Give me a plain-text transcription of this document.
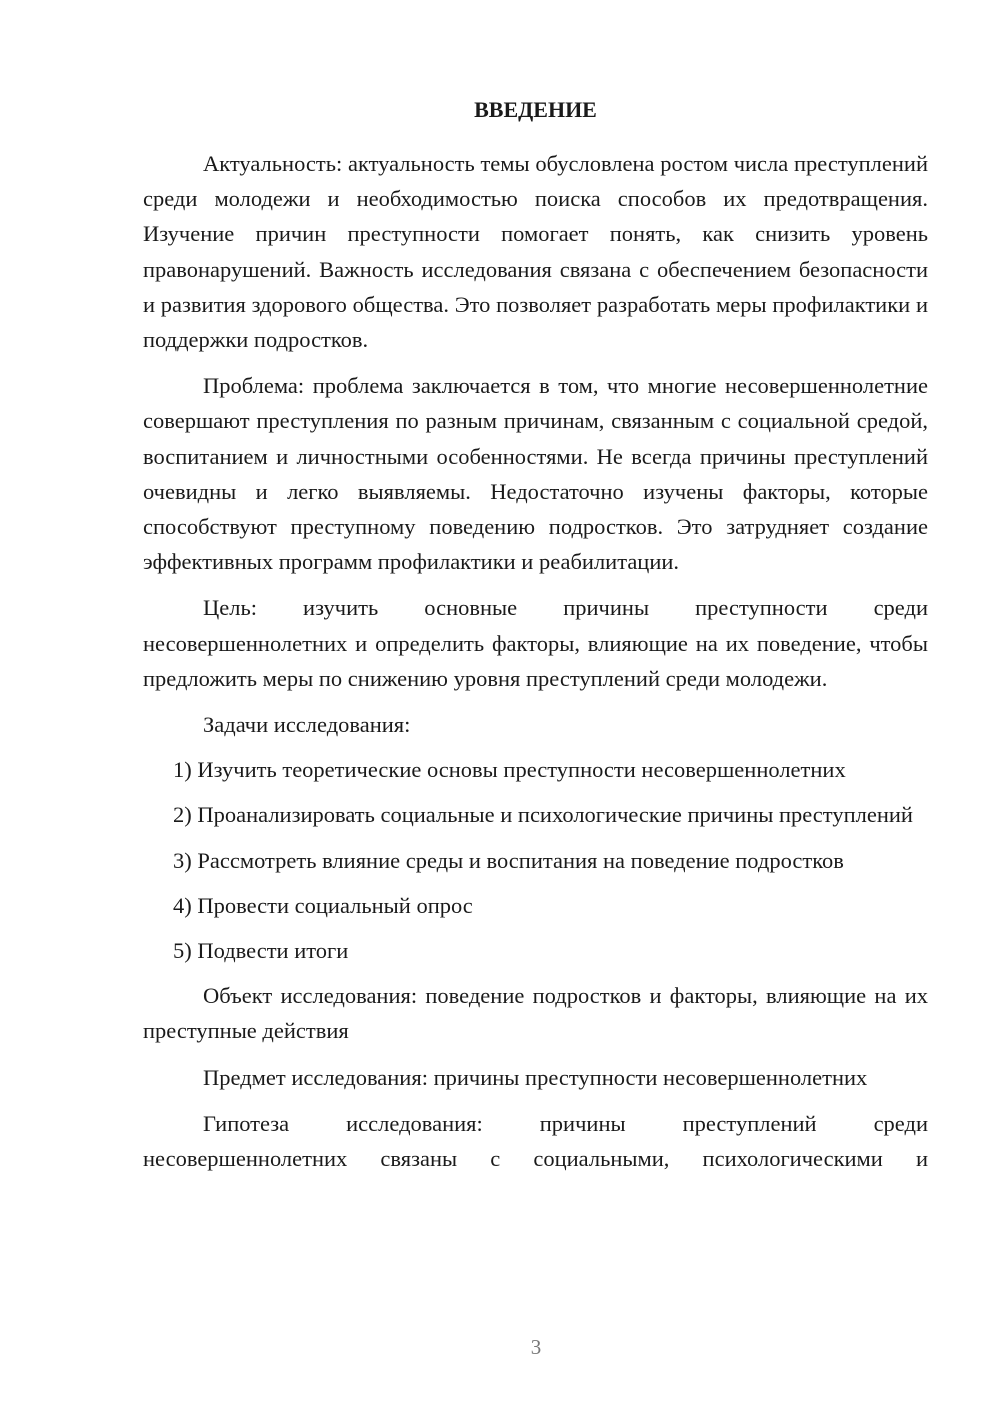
ВВЕДЕНИЕ

Актуальность: актуальность темы обусловлена ростом числа преступлений среди молодежи и необходимостью поиска способов их предотвращения. Изучение причин преступности помогает понять, как снизить уровень правонарушений. Важность исследования связана с обеспечением безопасности и развития здорового общества. Это позволяет разработать меры профилактики и поддержки подростков.

Проблема: проблема заключается в том, что многие несовершеннолетние совершают преступления по разным причинам, связанным с социальной средой, воспитанием и личностными особенностями. Не всегда причины преступлений очевидны и легко выявляемы. Недостаточно изучены факторы, которые способствуют преступному поведению подростков. Это затрудняет создание эффективных программ профилактики и реабилитации.

Цель: изучить основные причины преступности среди несовершеннолетних и определить факторы, влияющие на их поведение, чтобы предложить меры по снижению уровня преступлений среди молодежи.

Задачи исследования:

1) Изучить теоретические основы преступности несовершеннолетних

2) Проанализировать социальные и психологические причины преступлений

3) Рассмотреть влияние среды и воспитания на поведение подростков

4) Провести социальный опрос

5) Подвести итоги

Объект исследования: поведение подростков и факторы, влияющие на их преступные действия

Предмет исследования: причины преступности несовершеннолетних

Гипотеза исследования: причины преступлений среди несовершеннолетних связаны с социальными, психологическими и

3
